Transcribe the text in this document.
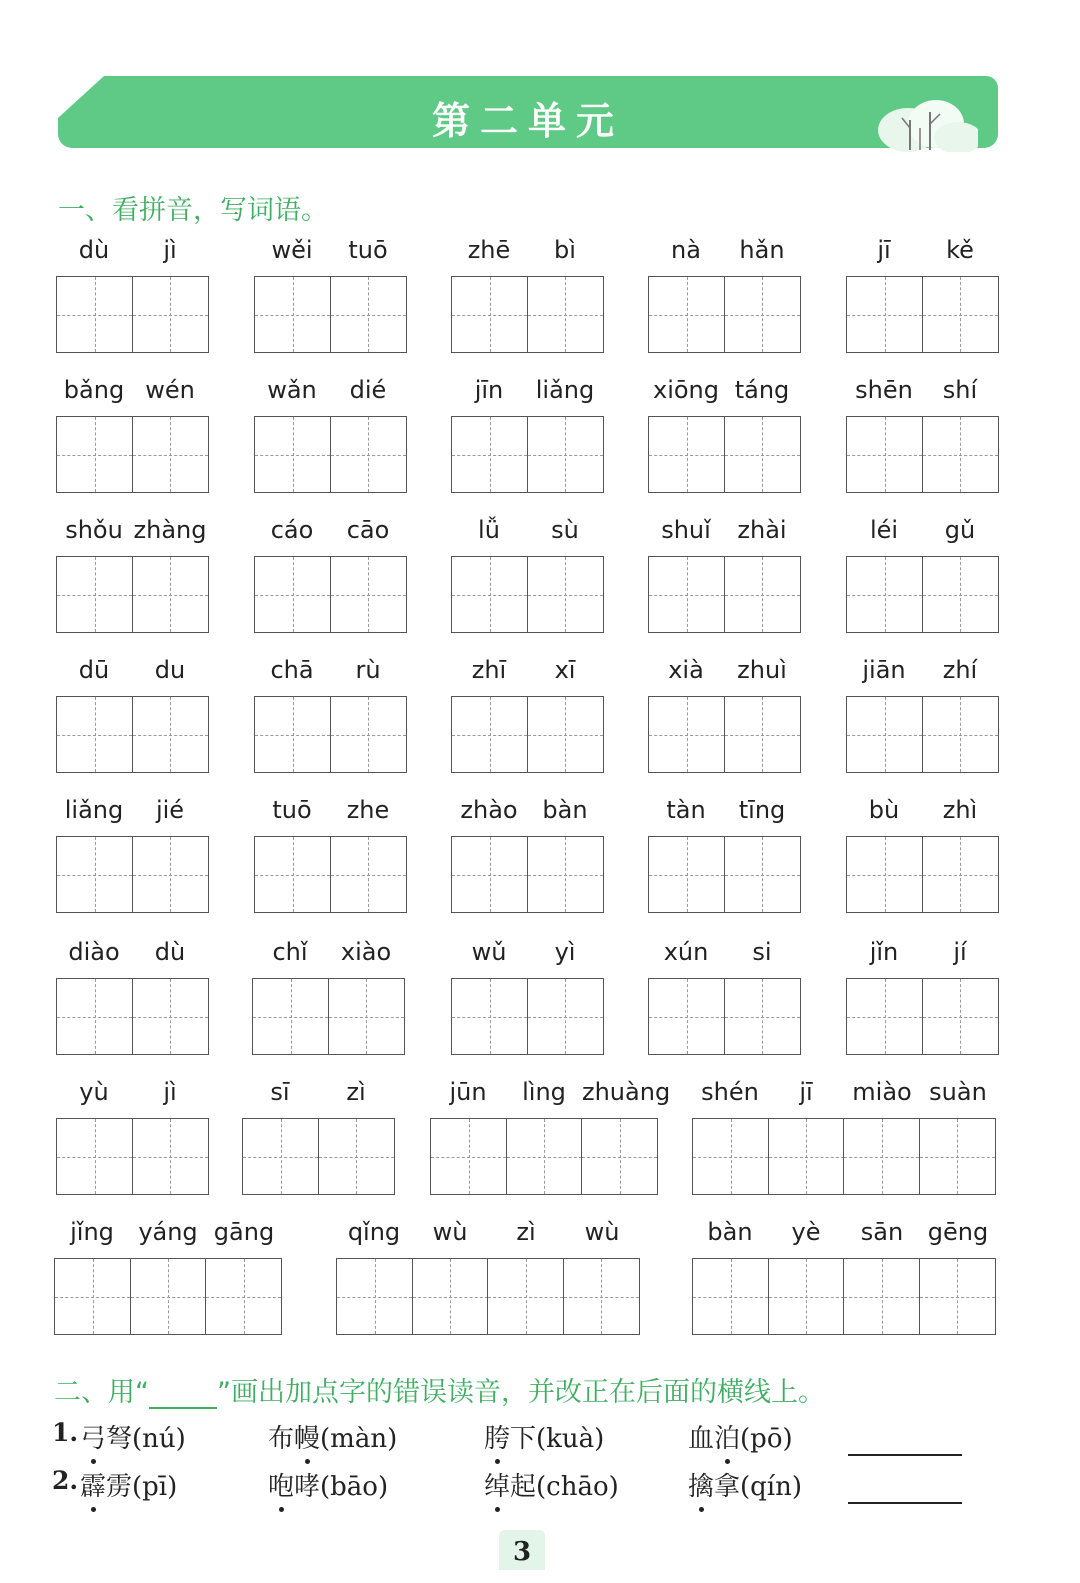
第二单元
一、看拼音，写词语。
dù	jì	wěi	tuō	zhē	bì	nà	hǎn	jī	kě
bǎng wén	wǎn	dié	jīn	liǎng	xiōng táng	shēn	shí
shǒu zhàng	cáo	cāo	lǚ	sù	shuǐ	zhài	léi	gǔ
dū	du	chā	rù	zhī	xī	xià	zhuì	jiān	zhí
liǎng	jié	tuō	zhe	zhào	bàn	tàn	tīng	bù	zhì
diào	dù	chǐ	xiào	wǔ	yì	xún	si	jǐn	jí
yù	jì	sī	zì	jūn	lìng zhuàng	shén	jī	miào suàn
jǐng	yáng gāng	qǐng	wù	zì	wù	bàn	yè	sān	gēng
二、用“	”画出加点字的错误读音，并改正在后面的横线上。
1. 弓弩(nú)	布幔(màn)	胯下(kuà)	血泊(pō)
2. 霹雳(pī)	咆哮(bāo)	绰起(chāo)	擒拿(qín)
3
